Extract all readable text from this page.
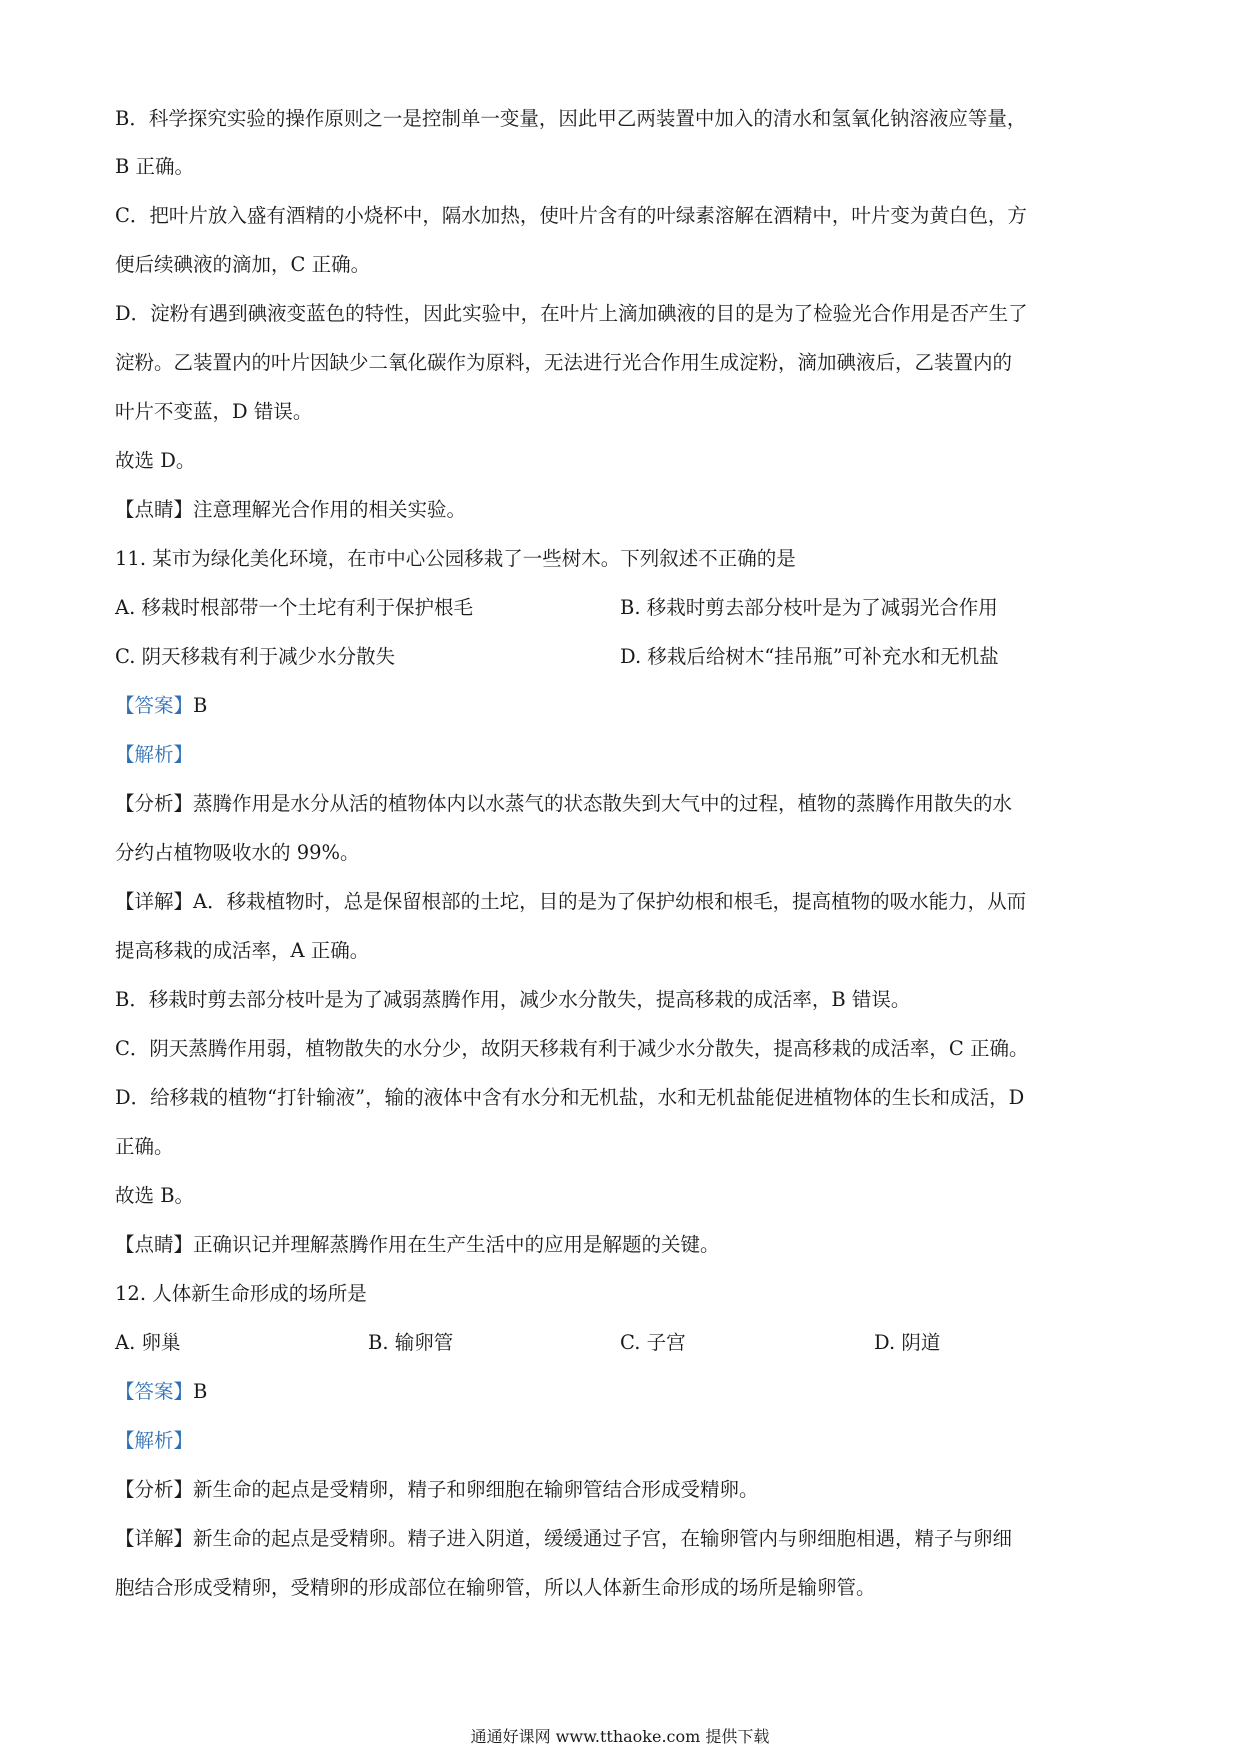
B．科学探究实验的操作原则之一是控制单一变量，因此甲乙两装置中加入的清水和氢氧化钠溶液应等量，
B 正确。
C．把叶片放入盛有酒精的小烧杯中，隔水加热，使叶片含有的叶绿素溶解在酒精中，叶片变为黄白色，方
便后续碘液的滴加，C 正确。
D．淀粉有遇到碘液变蓝色的特性，因此实验中，在叶片上滴加碘液的目的是为了检验光合作用是否产生了
淀粉。乙装置内的叶片因缺少二氧化碳作为原料，无法进行光合作用生成淀粉，滴加碘液后，乙装置内的
叶片不变蓝，D 错误。
故选 D。
【点睛】注意理解光合作用的相关实验。
11. 某市为绿化美化环境，在市中心公园移栽了一些树木。下列叙述不正确的是
A. 移栽时根部带一个土坨有利于保护根毛	B. 移栽时剪去部分枝叶是为了减弱光合作用
C. 阴天移栽有利于减少水分散失	D. 移栽后给树木“挂吊瓶”可补充水和无机盐
【答案】B
【解析】
【分析】蒸腾作用是水分从活的植物体内以水蒸气的状态散失到大气中的过程，植物的蒸腾作用散失的水
分约占植物吸收水的 99%。
【详解】A．移栽植物时，总是保留根部的土坨，目的是为了保护幼根和根毛，提高植物的吸水能力，从而
提高移栽的成活率，A 正确。
B．移栽时剪去部分枝叶是为了减弱蒸腾作用，减少水分散失，提高移栽的成活率，B 错误。
C．阴天蒸腾作用弱，植物散失的水分少，故阴天移栽有利于减少水分散失，提高移栽的成活率，C 正确。
D．给移栽的植物“打针输液”，输的液体中含有水分和无机盐，水和无机盐能促进植物体的生长和成活，D
正确。
故选 B。
【点睛】正确识记并理解蒸腾作用在生产生活中的应用是解题的关键。
12. 人体新生命形成的场所是
A. 卵巢	B. 输卵管	C. 子宫	D. 阴道
【答案】B
【解析】
【分析】新生命的起点是受精卵，精子和卵细胞在输卵管结合形成受精卵。
【详解】新生命的起点是受精卵。精子进入阴道，缓缓通过子宫，在输卵管内与卵细胞相遇，精子与卵细
胞结合形成受精卵，受精卵的形成部位在输卵管，所以人体新生命形成的场所是输卵管。
通通好课网 www.tthaoke.com 提供下载
